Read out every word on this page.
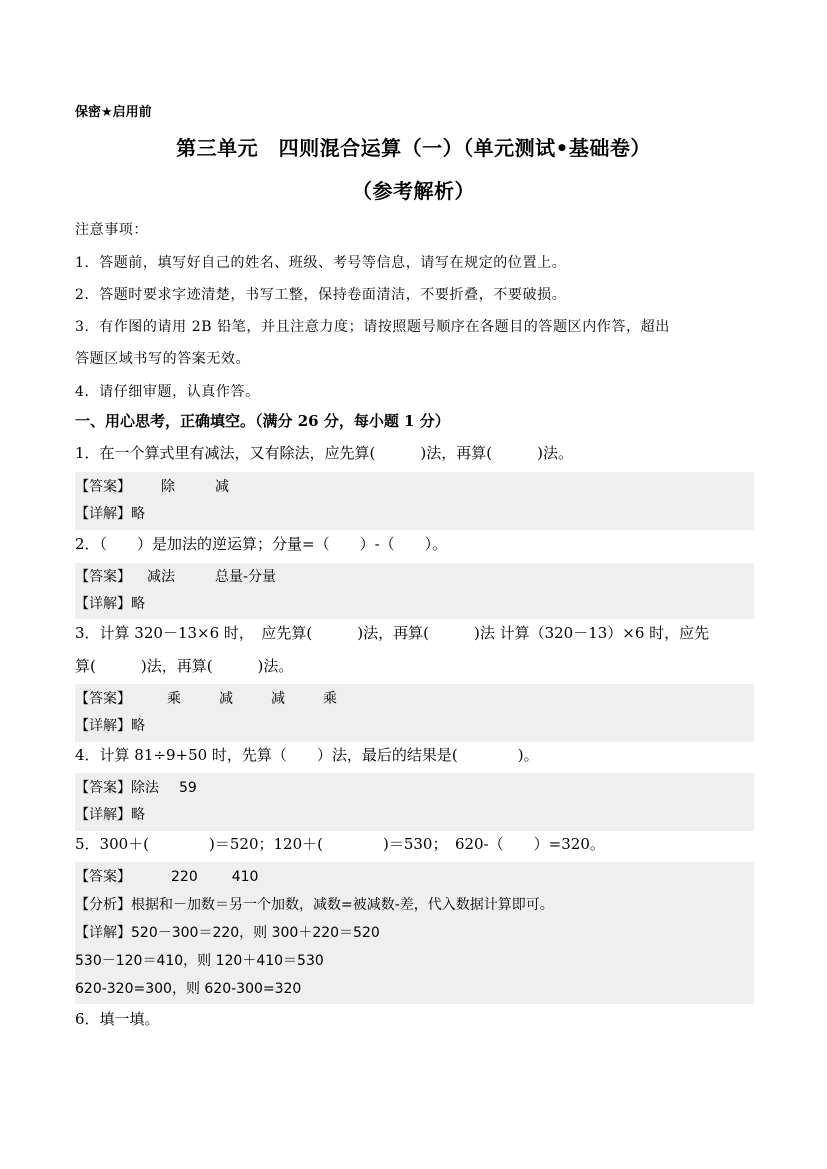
保密★启用前
第三单元　四则混合运算（一）（单元测试•基础卷）
（参考解析）
注意事项：
1．答题前，填写好自己的姓名、班级、考号等信息，请写在规定的位置上。
2．答题时要求字迹清楚，书写工整，保持卷面清洁，不要折叠，不要破损。
3．有作图的请用 2B 铅笔，并且注意力度；请按照题号顺序在各题目的答题区内作答，超出
答题区域书写的答案无效。
4．请仔细审题，认真作答。
一、用心思考，正确填空。（满分 26 分，每小题 1 分）
1．在一个算式里有减法，又有除法，应先算(　　　)法，再算(　　　)法。
【答案】 除	减
【详解】略
2．（　　）是加法的逆运算；分量=（　　）-（　　）。
【答案】 减法	总量-分量
【详解】略
3．计算 320－13×6 时，　应先算(　　　)法，再算(　　　)法 计算（320－13）×6 时，应先
算(　　　)法，再算(　　　)法。
【答案】	乘	减	减	乘
【详解】略
4．计算 81÷9+50 时，先算（　　）法，最后的结果是(　　　　)。
【答案】除法 59
【详解】略
5．300＋(　　　　)＝520；120＋(　　　　)＝530；　620-（　　）=320。
【答案】	220 410
【分析】根据和－加数＝另一个加数，减数=被减数-差，代入数据计算即可。
【详解】520－300＝220，则 300＋220＝520
530－120＝410，则 120＋410＝530
620-320=300，则 620-300=320
6．填一填。
